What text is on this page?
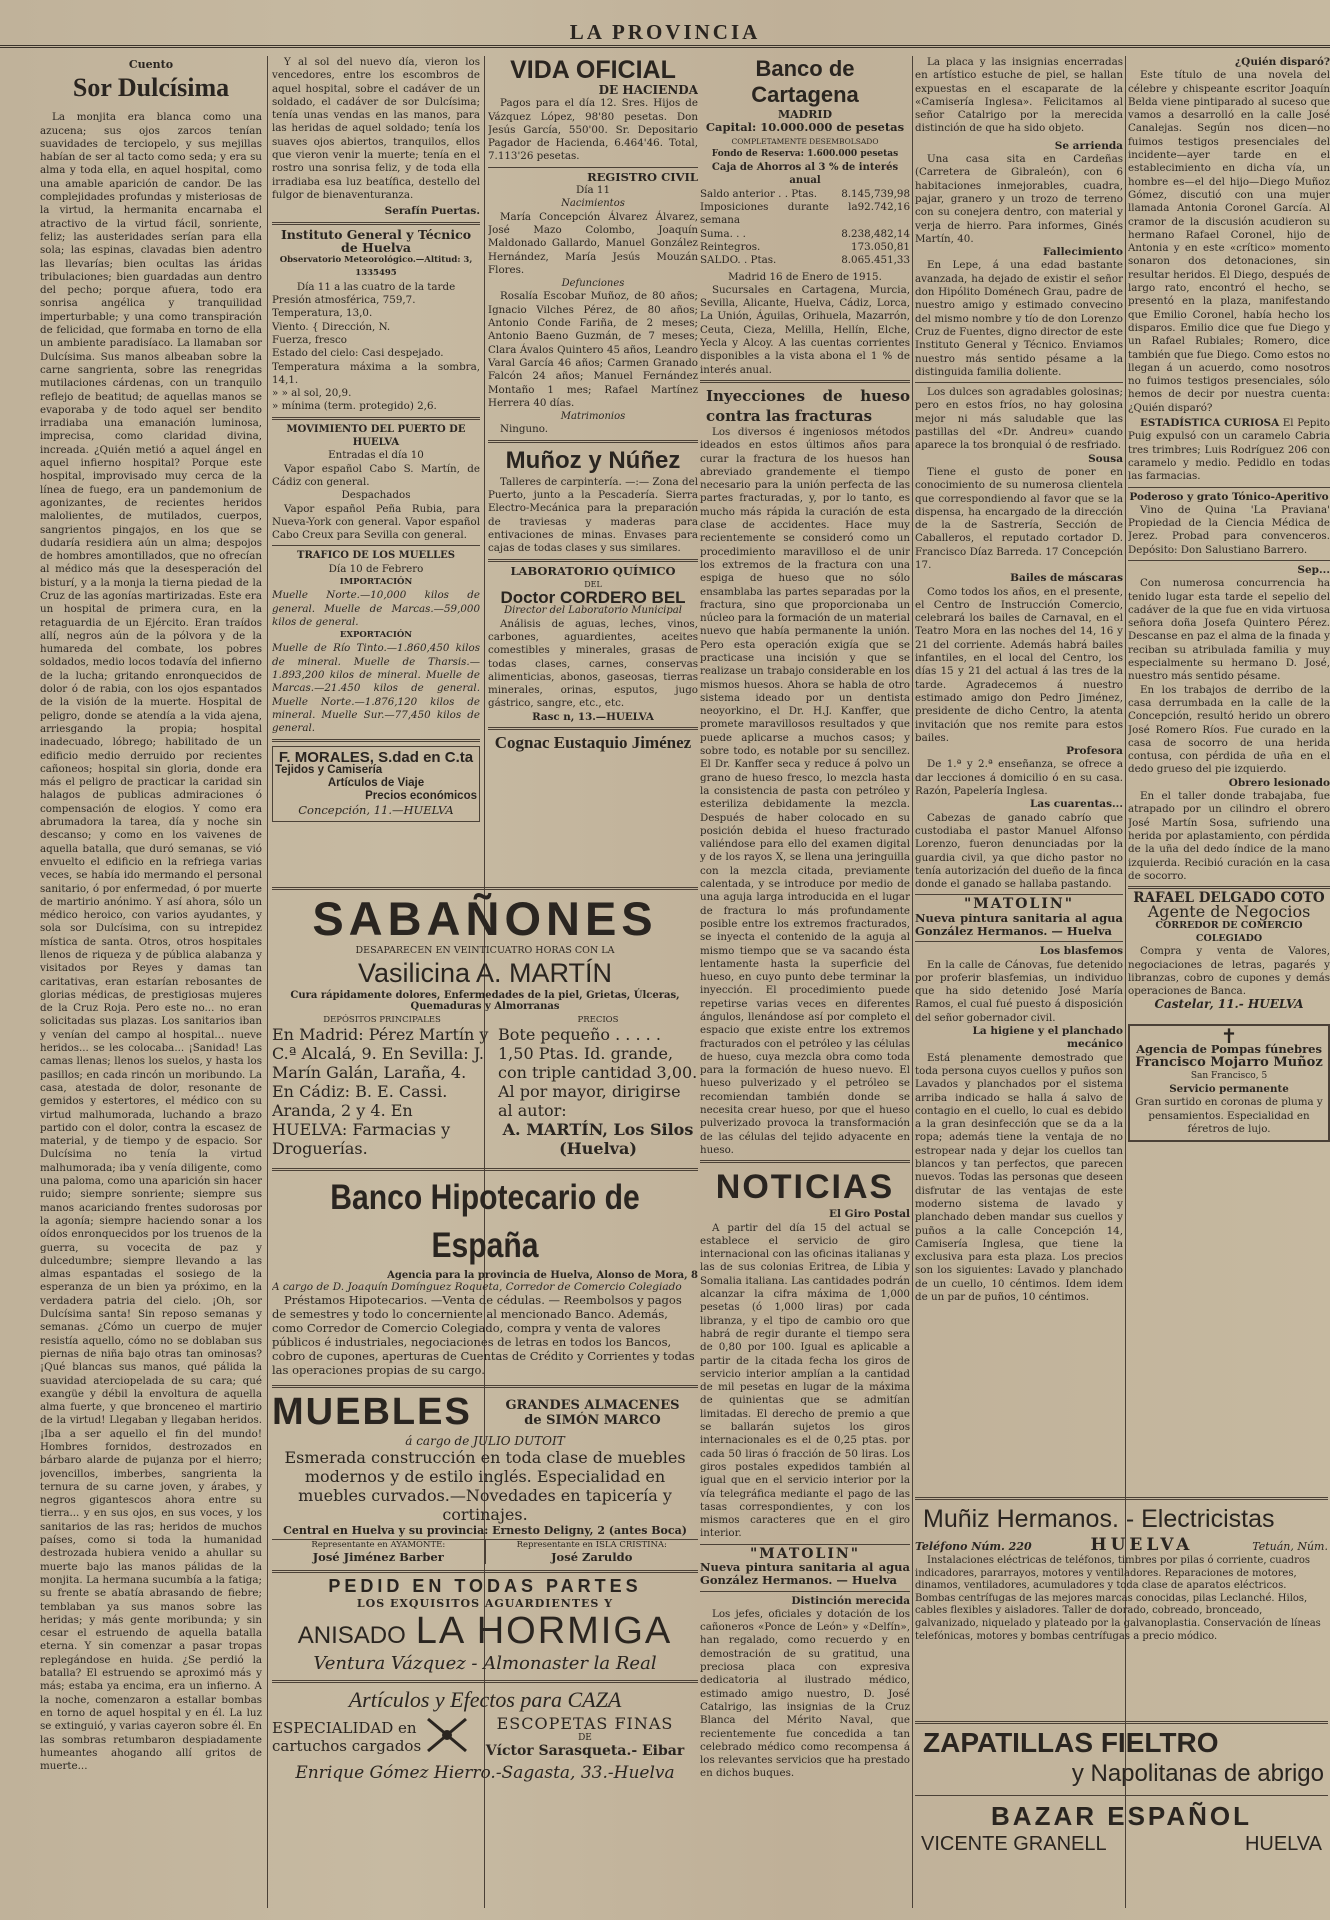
LA PROVINCIA
Cuento
Sor Dulcísima
La monjita era blanca como una azucena; sus ojos zarcos tenían suavidades de terciopelo, y sus mejillas habían de ser al tacto como seda; y era su alma y toda ella, en aquel hospital, como una amable aparición de candor. De las complejidades profundas y misteriosas de la virtud, la hermanita encarnaba el atractivo de la virtud fácil, sonriente, feliz; las austeridades serían para ella sola; las espinas, clavadas bien adentro las llevarías; bien ocultas las áridas tribulaciones; bien guardadas aun dentro del pecho; porque afuera, todo era sonrisa angélica y tranquilidad imperturbable; y una como transpiración de felicidad, que formaba en torno de ella un ambiente paradisíaco. La llamaban sor Dulcísima. Sus manos albeaban sobre la carne sangrienta, sobre las renegridas mutilaciones cárdenas, con un tranquilo reflejo de beatitud; de aquellas manos se evaporaba y de todo aquel ser bendito irradiaba una emanación luminosa, imprecisa, como claridad divina, increada. ¿Quién metió a aquel ángel en aquel infierno hospital? Porque este hospital, improvisado muy cerca de la línea de fuego, era un pandemonium de agonizantes, de recientes heridos malolientes, de mutilados, cuerpos, sangrientos pingajos, en los que se dudaría residiera aún un alma; despojos de hombres amontillados, que no ofrecían al médico más que la desesperación del bisturí, y a la monja la tierna piedad de la Cruz de las agonías martirizadas. Este era un hospital de primera cura, en la retaguardia de un Ejército. Eran traídos allí, negros aún de la pólvora y de la humareda del combate, los pobres soldados, medio locos todavía del infierno de la lucha; gritando enronquecidos de dolor ó de rabia, con los ojos espantados de la visión de la muerte. Hospital de peligro, donde se atendía a la vida ajena, arriesgando la propia; hospital inadecuado, lóbrego; habilitado de un edificio medio derruido por recientes cañoneos; hospital sin gloria, donde era más el peligro de practicar la caridad sin halagos de publicas admiraciones ó compensación de elogios. Y como era abrumadora la tarea, día y noche sin descanso; y como en los vaivenes de aquella batalla, que duró semanas, se vió envuelto el edificio en la refriega varias veces, se había ido mermando el personal sanitario, ó por enfermedad, ó por muerte de martirio anónimo. Y así ahora, sólo un médico heroico, con varios ayudantes, y sola sor Dulcísima, con su intrepidez mística de santa. Otros, otros hospitales llenos de riqueza y de pública alabanza y visitados por Reyes y damas tan caritativas, eran estarían rebosantes de glorias médicas, de prestigiosas mujeres de la Cruz Roja. Pero este no... no eran solicitadas sus plazas. Los sanitarios iban y venían del campo al hospital... nueve heridos... se les colocaba... ¡Sanidad! Las camas llenas; llenos los suelos, y hasta los pasillos; en cada rincón un moribundo. La casa, atestada de dolor, resonante de gemidos y estertores, el médico con su virtud malhumorada, luchando a brazo partido con el dolor, contra la escasez de material, y de tiempo y de espacio. Sor Dulcísima no tenía la virtud malhumorada; iba y venía diligente, como una paloma, como una aparición sin hacer ruido; siempre sonriente; siempre sus manos acariciando frentes sudorosas por la agonía; siempre haciendo sonar a los oídos enronquecidos por los truenos de la guerra, su vocecita de paz y dulcedumbre; siempre llevando a las almas espantadas el sosiego de la esperanza de un bien ya próximo, en la verdadera patria del cielo. ¡Oh, sor Dulcísima santa! Sin reposo semanas y semanas. ¿Cómo un cuerpo de mujer resistía aquello, cómo no se doblaban sus piernas de niña bajo otras tan ominosas? ¡Qué blancas sus manos, qué pálida la suavidad aterciopelada de su cara; qué exangüe y débil la envoltura de aquella alma fuerte, y que bronceneo el martirio de la virtud! Llegaban y llegaban heridos. ¡Iba a ser aquello el fin del mundo! Hombres fornidos, destrozados en bárbaro alarde de pujanza por el hierro; jovencillos, imberbes, sangrienta la ternura de su carne joven, y árabes, y negros gigantescos ahora entre su tierra... y en sus ojos, en sus voces, y los sanitarios de las ras; heridos de muchos países, como si toda la humanidad destrozada hubiera venido a ahullar su muerte bajo las manos pálidas de la monjita. La hermana sucumbía a la fatiga; su frente se abatía abrasando de fiebre; temblaban ya sus manos sobre las heridas; y más gente moribunda; y sin cesar el estruendo de aquella batalla eterna. Y sin comenzar a pasar tropas replegándose en huida. ¿Se perdió la batalla? El estruendo se aproximó más y más; estaba ya encima, era un infierno. A la noche, comenzaron a estallar bombas en torno de aquel hospital y en él. La luz se extinguió, y varias cayeron sobre él. En las sombras retumbaron despiadamente humeantes ahogando allí gritos de muerte...
Y al sol del nuevo día, vieron los vencedores, entre los escombros de aquel hospital, sobre el cadáver de un soldado, el cadáver de sor Dulcísima; tenía unas vendas en las manos, para las heridas de aquel soldado; tenía los suaves ojos abiertos, tranquilos, ellos que vieron venir la muerte; tenía en el rostro una sonrisa feliz, y de toda ella irradiaba esa luz beatífica, destello del fulgor de bienaventuranza.
Serafín Puertas.
Instituto General y Técnico de Huelva
Observatorio Meteorológico.—Altitud: 3, 1335495
Día 11 a las cuatro de la tarde
Presión atmosférica, 759,7.
Temperatura, 13,0.
Viento. { Dirección, N.
Fuerza, fresco
Estado del cielo: Casi despejado.
Temperatura máxima a la sombra, 14,1.
» » al sol, 20,9.
» mínima (term. protegido) 2,6.
MOVIMIENTO DEL PUERTO DE HUELVA
Entradas el día 10
Vapor español Cabo S. Martín, de Cádiz con general.
Despachados
Vapor español Peña Rubia, para Nueva-York con general. Vapor español Cabo Creux para Sevilla con general.
TRAFICO DE LOS MUELLES
Día 10 de Febrero
IMPORTACIÓN
Muelle Norte.—10,000 kilos de general. Muelle de Marcas.—59,000 kilos de general.
EXPORTACIÓN
Muelle de Río Tinto.—1.860,450 kilos de mineral. Muelle de Tharsis.—1.893,200 kilos de mineral. Muelle de Marcas.—21.450 kilos de general. Muelle Norte.—1.876,120 kilos de mineral. Muelle Sur.—77,450 kilos de general.
F. MORALES, S.dad en C.ta
Tejidos y Camisería
Artículos de Viaje
Precios económicos
Concepción, 11.—HUELVA
VIDA OFICIAL
DE HACIENDA
Pagos para el día 12. Sres. Hijos de Vázquez López, 98'80 pesetas. Don Jesús García, 550'00. Sr. Depositario Pagador de Hacienda, 6.464'46. Total, 7.113'26 pesetas.
REGISTRO CIVIL
Día 11
Nacimientos
María Concepción Álvarez Álvarez, José Mazo Colombo, Joaquín Maldonado Gallardo, Manuel González Hernández, María Jesús Mouzán Flores.
Defunciones
Rosalía Escobar Muñoz, de 80 años; Ignacio Vilches Pérez, de 80 años; Antonio Conde Fariña, de 2 meses; Antonio Baeno Guzmán, de 7 meses; Clara Ávalos Quintero 45 años, Leandro Varal García 46 años; Carmen Granado Falcón 24 años; Manuel Fernández Montaño 1 mes; Rafael Martínez Herrera 40 días.
Matrimonios
Ninguno.
Muñoz y Núñez
Talleres de carpintería. —:— Zona del Puerto, junto a la Pescadería. Sierra Electro-Mecánica para la preparación de traviesas y maderas para entivaciones de minas. Envases para cajas de todas clases y sus similares.
LABORATORIO QUÍMICO
DEL
Doctor CORDERO BEL
Director del Laboratorio Municipal
Análisis de aguas, leches, vinos, carbones, aguardientes, aceites comestibles y minerales, grasas de todas clases, carnes, conservas alimenticias, abonos, gaseosas, tierras minerales, orinas, esputos, jugo gástrico, sangre, etc., etc.
Rasc n, 13.—HUELVA
Cognac Eustaquio Jiménez
SABAÑONES
DESAPARECEN EN VEINTICUATRO HORAS CON LA
Vasilicina A. MARTÍN
Cura rápidamente dolores, Enfermedades de la piel, Grietas, Úlceras, Quemaduras y Almorranas
DEPÓSITOS PRINCIPALES
En Madrid: Pérez Martín y C.ª Alcalá, 9. En Sevilla: J. Marín Galán, Laraña, 4. En Cádiz: B. E. Cassi. Aranda, 2 y 4. En HUELVA: Farmacias y Droguerías.
PRECIOS
Bote pequeño . . . . . 1,50 Ptas. Id. grande, con triple cantidad 3,00. Al por mayor, dirigirse al autor:
A. MARTÍN, Los Silos (Huelva)
Banco Hipotecario de España
Agencia para la provincia de Huelva, Alonso de Mora, 8
A cargo de D. Joaquín Domínguez Roqueta, Corredor de Comercio Colegiado
Préstamos Hipotecarios. —Venta de cédulas. — Reembolsos y pagos de semestres y todo lo concerniente al mencionado Banco. Además, como Corredor de Comercio Colegiado, compra y venta de valores públicos é industriales, negociaciones de letras en todos los Bancos, cobro de cupones, aperturas de Cuentas de Crédito y Corrientes y todas las operaciones propias de su cargo.
MUEBLES	GRANDES ALMACENES
de SIMÓN MARCO
á cargo de JULIO DUTOIT
Esmerada construcción en toda clase de muebles modernos y de estilo inglés. Especialidad en muebles curvados.—Novedades en tapicería y cortinajes.
Central en Huelva y su provincia: Ernesto Deligny, 2 (antes Boca)
Representante en AYAMONTE:
José Jiménez Barber
Representante en ISLA CRISTINA:
José Zaruldo
PEDID EN TODAS PARTES
LOS EXQUISITOS AGUARDIENTES Y
ANISADO LA HORMIGA
Ventura Vázquez - Almonaster la Real
Artículos y Efectos para CAZA
ESPECIALIDAD en
cartuchos cargados
ESCOPETAS FINAS
DE
Víctor Sarasqueta.- Eibar
Enrique Gómez Hierro.-Sagasta, 33.-Huelva
Banco de Cartagena
MADRID
Capital: 10.000.000 de pesetas
COMPLETAMENTE DESEMBOLSADO
Fondo de Reserva: 1.600.000 pesetas
Caja de Ahorros al 3 % de interés anual
Saldo anterior . . Ptas. 8.145,739,98
Imposiciones durante la semana
92.742,16
Suma. . .	8.238,482,14
Reintegros.	173.050,81
SALDO. . Ptas.	8.065.451,33
Madrid 16 de Enero de 1915.
Sucursales en Cartagena, Murcia, Sevilla, Alicante, Huelva, Cádiz, Lorca, La Unión, Águilas, Orihuela, Mazarrón, Ceuta, Cieza, Melilla, Hellín, Elche, Yecla y Alcoy. A las cuentas corrientes disponibles a la vista abona el 1 % de interés anual.
Inyecciones de hueso contra las fracturas
Los diversos é ingeniosos métodos ideados en estos últimos años para curar la fractura de los huesos han abreviado grandemente el tiempo necesario para la unión perfecta de las partes fracturadas, y, por lo tanto, es mucho más rápida la curación de esta clase de accidentes. Hace muy recientemente se consideró como un procedimiento maravilloso el de unir los extremos de la fractura con una espiga de hueso que no sólo ensamblaba las partes separadas por la fractura, sino que proporcionaba un núcleo para la formación de un material nuevo que había permanente la unión. Pero esta operación exigía que se practicase una incisión y que se realizase un trabajo considerable en los mismos huesos. Ahora se habla de otro sistema ideado por un dentista neoyorkino, el Dr. H.J. Kanffer, que promete maravillosos resultados y que puede aplicarse a muchos casos; y sobre todo, es notable por su sencillez. El Dr. Kanffer seca y reduce á polvo un grano de hueso fresco, lo mezcla hasta la consistencia de pasta con petróleo y esteriliza debidamente la mezcla. Después de haber colocado en su posición debida el hueso fracturado valiéndose para ello del examen digital y de los rayos X, se llena una jeringuilla con la mezcla citada, previamente calentada, y se introduce por medio de una aguja larga introducida en el lugar de fractura lo más profundamente posible entre los extremos fracturados, se inyecta el contenido de la aguja al mismo tiempo que se va sacando ésta lentamente hasta la superficie del hueso, en cuyo punto debe terminar la inyección. El procedimiento puede repetirse varias veces en diferentes ángulos, llenándose así por completo el espacio que existe entre los extremos fracturados con el petróleo y las células de hueso, cuya mezcla obra como toda para la formación de hueso nuevo. El hueso pulverizado y el petróleo se recomiendan también donde se necesita crear hueso, por que el hueso pulverizado provoca la transformación de las células del tejido adyacente en hueso.
NOTICIAS
El Giro Postal
A partir del día 15 del actual se establece el servicio de giro internacional con las oficinas italianas y las de sus colonias Eritrea, de Libia y Somalia italiana. Las cantidades podrán alcanzar la cifra máxima de 1,000 pesetas (ó 1,000 liras) por cada libranza, y el tipo de cambio oro que habrá de regir durante el tiempo sera de 0,80 por 100. Igual es aplicable a partir de la citada fecha los giros de servicio interior amplían a la cantidad de mil pesetas en lugar de la máxima de quinientas que se admitían limitadas. El derecho de premio a que se ballarán sujetos los giros internacionales es el de 0,25 ptas. por cada 50 liras ó fracción de 50 liras. Los giros postales expedidos también al igual que en el servicio interior por la vía telegráfica mediante el pago de las tasas correspondientes, y con los mismos caracteres que en el giro interior.
"MATOLIN"
Nueva pintura sanitaria al agua González Hermanos. — Huelva
Distinción merecida
Los jefes, oficiales y dotación de los cañoneros «Ponce de León» y «Delfín», han regalado, como recuerdo y en demostración de su gratitud, una preciosa placa con expresiva dedicatoria al ilustrado médico, estimado amigo nuestro, D. José Catalrigo, las insignias de la Cruz Blanca del Mérito Naval, que recientemente fue concedida a tan celebrado médico como recompensa á los relevantes servicios que ha prestado en dichos buques.
La placa y las insignias encerradas en artístico estuche de piel, se hallan expuestas en el escaparate de la «Camisería Inglesa». Felicitamos al señor Catalrigo por la merecida distinción de que ha sido objeto.
Se arrienda
Una casa sita en Cardeñas (Carretera de Gibraleón), con 6 habitaciones inmejorables, cuadra, pajar, granero y un trozo de terreno con su conejera dentro, con material y verja de hierro. Para informes, Ginés Martín, 40.
Fallecimiento
En Lepe, á una edad bastante avanzada, ha dejado de existir el señor don Hipólito Doménech Grau, padre de nuestro amigo y estimado convecino del mismo nombre y tío de don Lorenzo Cruz de Fuentes, digno director de este Instituto General y Técnico. Enviamos nuestro más sentido pésame a la distinguida familia doliente.
Los dulces son agradables golosinas; pero en estos fríos, no hay golosina mejor ni más saludable que las pastillas del «Dr. Andreu» cuando aparece la tos bronquial ó de resfriado.
Sousa
Tiene el gusto de poner en conocimiento de su numerosa clientela que correspondiendo al favor que se la dispensa, ha encargado de la dirección de la de Sastrería, Sección de Caballeros, el reputado cortador D. Francisco Díaz Barreda. 17 Concepción 17.
Bailes de máscaras
Como todos los años, en el presente, el Centro de Instrucción Comercio, celebrará los bailes de Carnaval, en el Teatro Mora en las noches del 14, 16 y 21 del corriente. Además habrá bailes infantiles, en el local del Centro, los días 15 y 21 del actual á las tres de la tarde. Agradecemos á nuestro estimado amigo don Pedro Jiménez, presidente de dicho Centro, la atenta invitación que nos remite para estos bailes.
Profesora
De 1.ª y 2.ª enseñanza, se ofrece a dar lecciones á domicilio ó en su casa. Razón, Papelería Inglesa.
Las cuarentas...
Cabezas de ganado cabrío que custodiaba el pastor Manuel Alfonso Lorenzo, fueron denunciadas por la guardia civil, ya que dicho pastor no tenía autorización del dueño de la finca donde el ganado se hallaba pastando.
"MATOLIN"
Nueva pintura sanitaria al agua González Hermanos. — Huelva
Los blasfemos
En la calle de Cánovas, fue detenido por proferir blasfemias, un individuo que ha sido detenido José María Ramos, el cual fué puesto á disposición del señor gobernador civil.
La higiene y el planchado mecánico
Está plenamente demostrado que toda persona cuyos cuellos y puños son Lavados y planchados por el sistema arriba indicado se halla á salvo de contagio en el cuello, lo cual es debido a la gran desinfección que se da a la ropa; además tiene la ventaja de no estropear nada y dejar los cuellos tan blancos y tan perfectos, que parecen nuevos. Todas las personas que deseen disfrutar de las ventajas de este moderno sistema de lavado y planchado deben mandar sus cuellos y puños a la calle Concepción 14, Camisería Inglesa, que tiene la exclusiva para esta plaza. Los precios son los siguientes: Lavado y planchado de un cuello, 10 céntimos. Idem idem de un par de puños, 10 céntimos.
¿Quién disparó?
Este título de una novela del célebre y chispeante escritor Joaquín Belda viene pintiparado al suceso que vamos a desarrolló en la calle José Canalejas. Según nos dicen—no fuimos testigos presenciales del incidente—ayer tarde en el establecimiento en dicha vía, un hombre es—el del hijo—Diego Muñoz Gómez, discutió con una mujer llamada Antonia Coronel García. Al cramor de la discusión acudieron su hermano Rafael Coronel, hijo de Antonia y en este «crítico» momento sonaron dos detonaciones, sin resultar heridos. El Diego, después de largo rato, encontró el hecho, se presentó en la plaza, manifestando que Emilio Coronel, había hecho los disparos. Emilio dice que fue Diego y un Rafael Rubiales; Romero, dice también que fue Diego. Como estos no llegan á un acuerdo, como nosotros no fuimos testigos presenciales, sólo hemos de decir por nuestra cuenta: ¿Quién disparó?
ESTADÍSTICA CURIOSA El Pepito Puig expulsó con un caramelo Cabria tres trimbres; Luis Rodríguez 206 con caramelo y medio. Pedidlo en todas las farmacias.
Poderoso y grato Tónico-Aperitivo
Vino de Quina 'La Praviana' Propiedad de la Ciencia Médica de Jerez. Probad para convenceros. Depósito: Don Salustiano Barrero.
Sep...
Con numerosa concurrencia ha tenido lugar esta tarde el sepelio del cadáver de la que fue en vida virtuosa señora doña Josefa Quintero Pérez. Descanse en paz el alma de la finada y reciban su atribulada familia y muy especialmente su hermano D. José, nuestro más sentido pésame.
En los trabajos de derribo de la casa derrumbada en la calle de la Concepción, resultó herido un obrero José Romero Ríos. Fue curado en la casa de socorro de una herida contusa, con pérdida de uña en el dedo grueso del pie izquierdo.
Obrero lesionado
En el taller donde trabajaba, fue atrapado por un cilindro el obrero José Martín Sosa, sufriendo una herida por aplastamiento, con pérdida de la uña del dedo índice de la mano izquierda. Recibió curación en la casa de socorro.
RAFAEL DELGADO COTO
Agente de Negocios
CORREDOR DE COMERCIO COLEGIADO
Compra y venta de Valores, negociaciones de letras, pagarés y libranzas, cobro de cupones y demás operaciones de Banca.
Castelar, 11.- HUELVA
✝
Agencia de Pompas fúnebres
Francisco Mojarro Muñoz
San Francisco, 5
Servicio permanente
Gran surtido en coronas de pluma y pensamientos. Especialidad en féretros de lujo.
Muñiz Hermanos. - Electricistas
Teléfono Núm. 220	HUELVA	Tetuán, Núm.
Instalaciones eléctricas de teléfonos, timbres por pilas ó corriente, cuadros indicadores, pararrayos, motores y ventiladores. Reparaciones de motores, dinamos, ventiladores, acumuladores y toda clase de aparatos eléctricos. Bombas centrífugas de las mejores marcas conocidas, pilas Leclanché. Hilos, cables flexibles y aisladores. Taller de dorado, cobreado, bronceado, galvanizado, niquelado y plateado por la galvanoplastia. Conservación de líneas telefónicas, motores y bombas centrífugas a precio módico.
ZAPATILLAS FIELTRO
y Napolitanas de abrigo
BAZAR ESPAÑOL
VICENTE GRANELL	HUELVA
